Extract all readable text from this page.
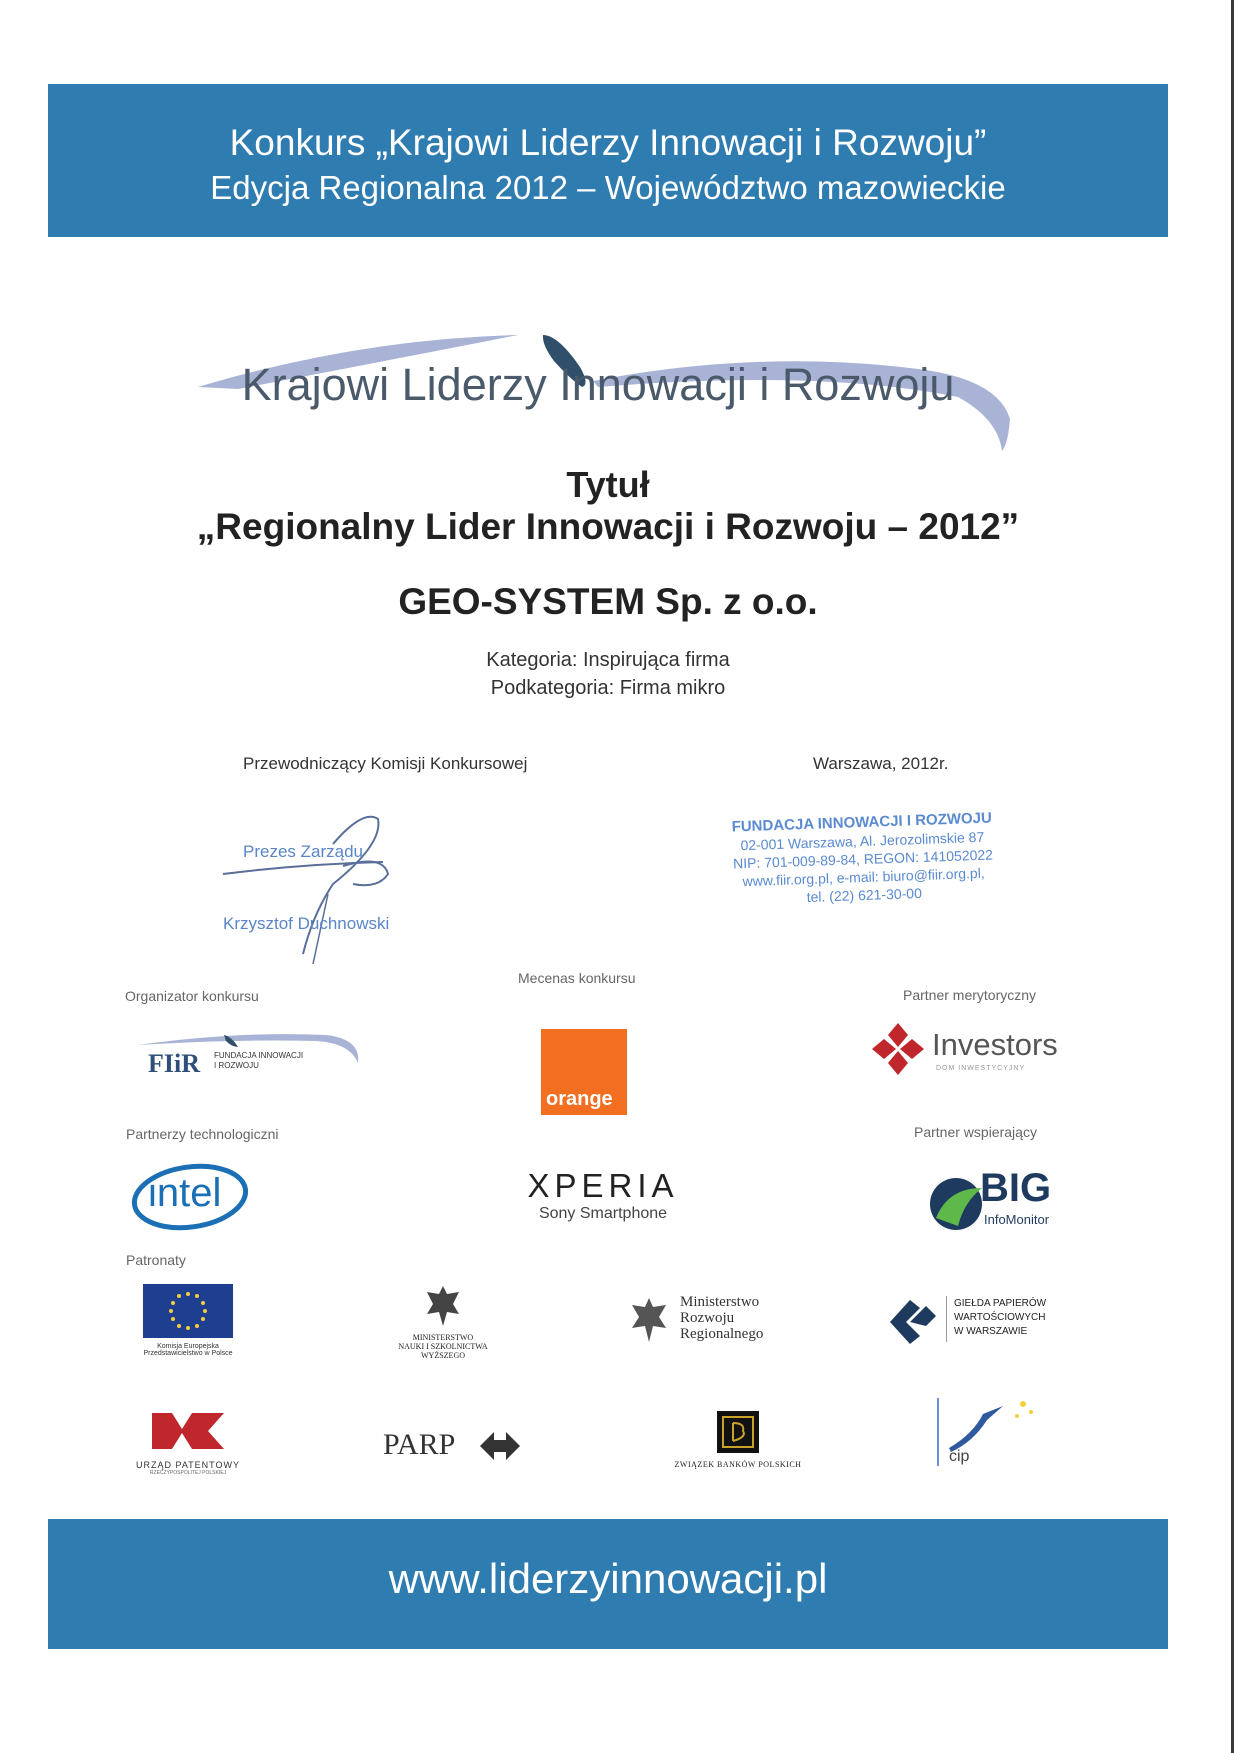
Konkurs „Krajowi Liderzy Innowacji i Rozwoju”
Edycja Regionalna 2012 – Województwo mazowieckie
Krajowi Liderzy Innowacji i Rozwoju
Tytuł
„Regionalny Lider Innowacji i Rozwoju – 2012”
GEO-SYSTEM Sp. z o.o.
Kategoria: Inspirująca firma
Podkategoria: Firma mikro
Przewodniczący Komisji Konkursowej	Warszawa, 2012r.
Prezes Zarządu
Krzysztof Duchnowski
FUNDACJA INNOWACJI I ROZWOJU
02-001 Warszawa, Al. Jerozolimskie 87
NIP: 701-009-89-84, REGON: 141052022
www.fiir.org.pl, e-mail: biuro@fiir.org.pl,
tel. (22) 621-30-00
Organizator konkursu
Mecenas konkursu
Partner merytoryczny
Partnerzy technologiczni	Partner wspierający
Patronaty
FIiR FUNDACJA INNOWACJI
I ROZWOJU
orange
Investors
DOM INWESTYCYJNY
intel	XPERIA
Sony Smartphone
BIG
InfoMonitor
Komisja Europejska
Przedstawicielstwo w Polsce
MINISTERSTWO
NAUKI I SZKOLNICTWA
WYŻSZEGO
Ministerstwo
Rozwoju
Regionalnego
GIEŁDA PAPIERÓW
WARTOŚCIOWYCH
W WARSZAWIE
URZĄD PATENTOWY
RZECZYPOSPOLITEJ POLSKIEJ
PARP
ZWIĄZEK BANKÓW POLSKICH	cip
www.liderzyinnowacji.pl
